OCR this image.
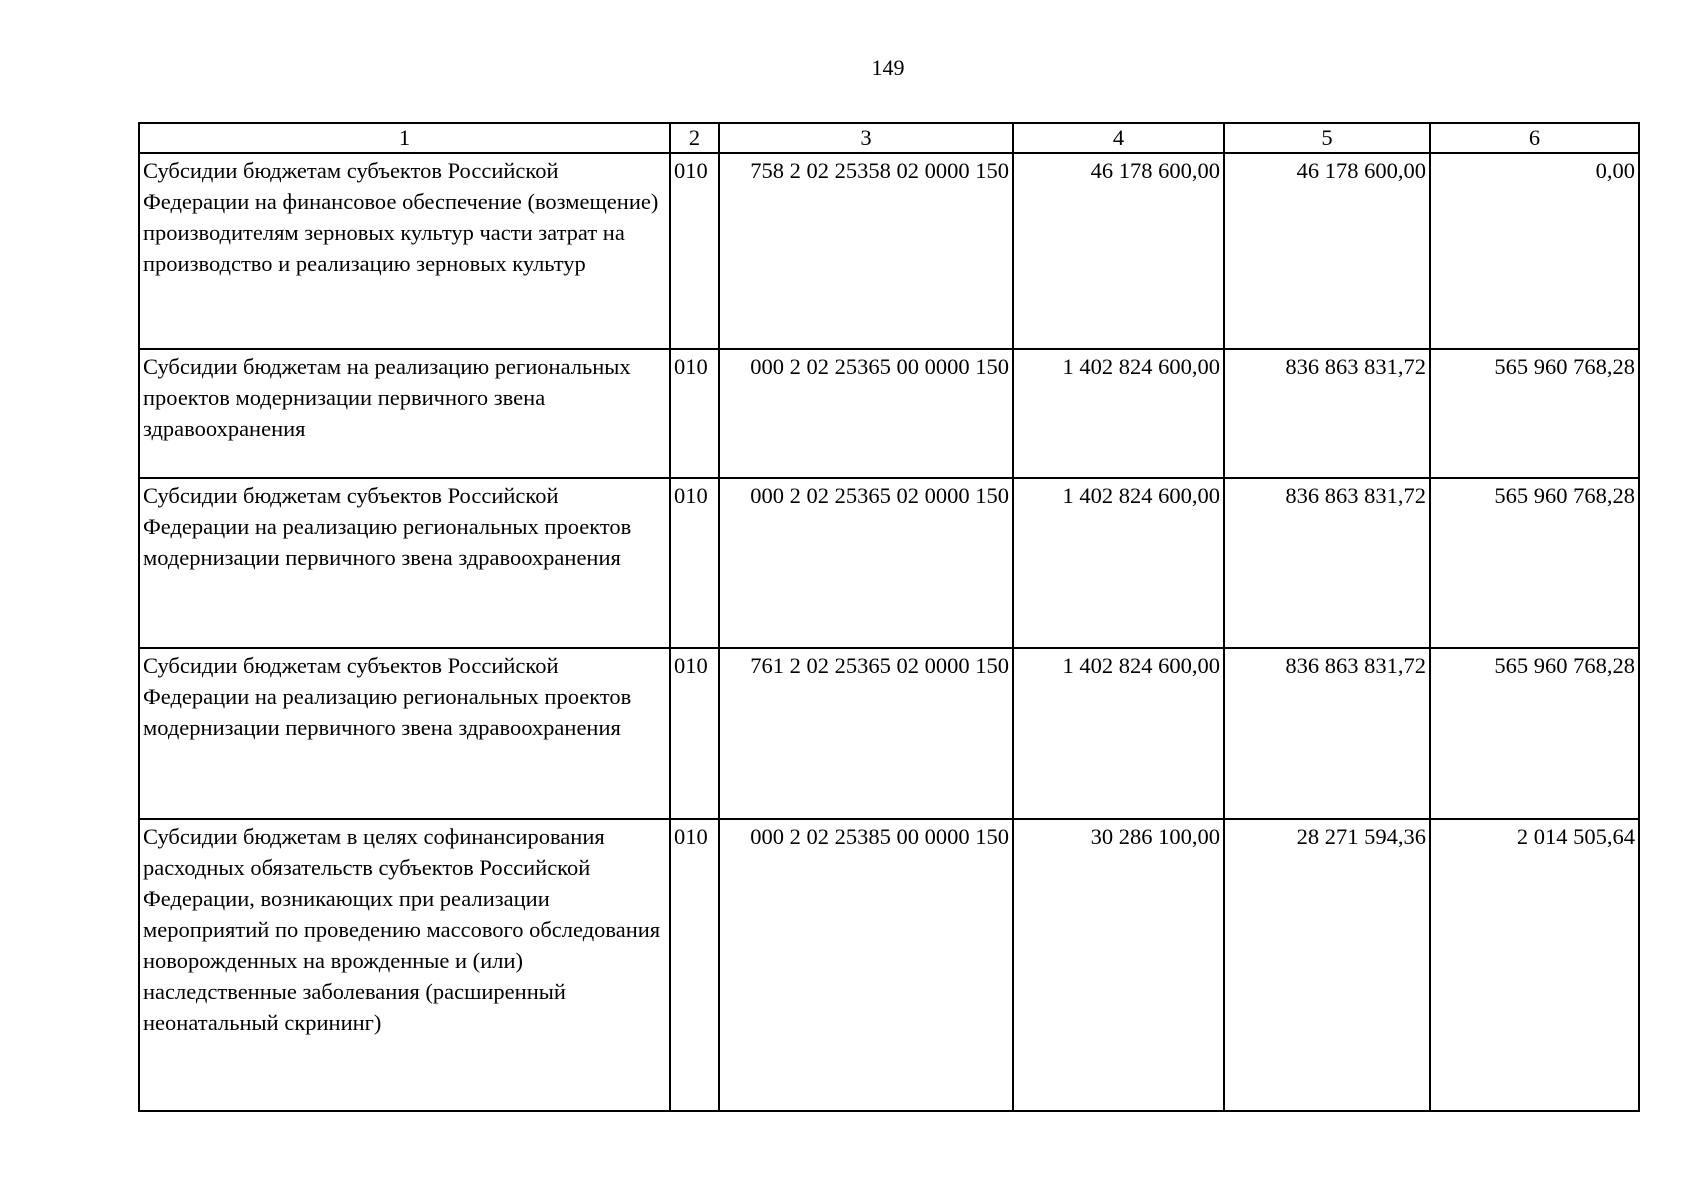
149
1	2	3	4	5	6
Субсидии бюджетам субъектов Российской Федерации на финансовое обеспечение (возмещение) производителям зерновых культур части затрат на производство и реализацию зерновых культур	010	758 2 02 25358 02 0000 150	46 178 600,00	46 178 600,00	0,00
Субсидии бюджетам на реализацию региональных проектов модернизации первичного звена здравоохранения	010	000 2 02 25365 00 0000 150	1 402 824 600,00	836 863 831,72	565 960 768,28
Субсидии бюджетам субъектов Российской Федерации на реализацию региональных проектов модернизации первичного звена здравоохранения	010	000 2 02 25365 02 0000 150	1 402 824 600,00	836 863 831,72	565 960 768,28
Субсидии бюджетам субъектов Российской Федерации на реализацию региональных проектов модернизации первичного звена здравоохранения	010	761 2 02 25365 02 0000 150	1 402 824 600,00	836 863 831,72	565 960 768,28
Субсидии бюджетам в целях софинансирования расходных обязательств субъектов Российской Федерации, возникающих при реализации мероприятий по проведению массового обследования новорожденных на врожденные и (или) наследственные заболевания (расширенный неонатальный скрининг)	010	000 2 02 25385 00 0000 150	30 286 100,00	28 271 594,36	2 014 505,64
